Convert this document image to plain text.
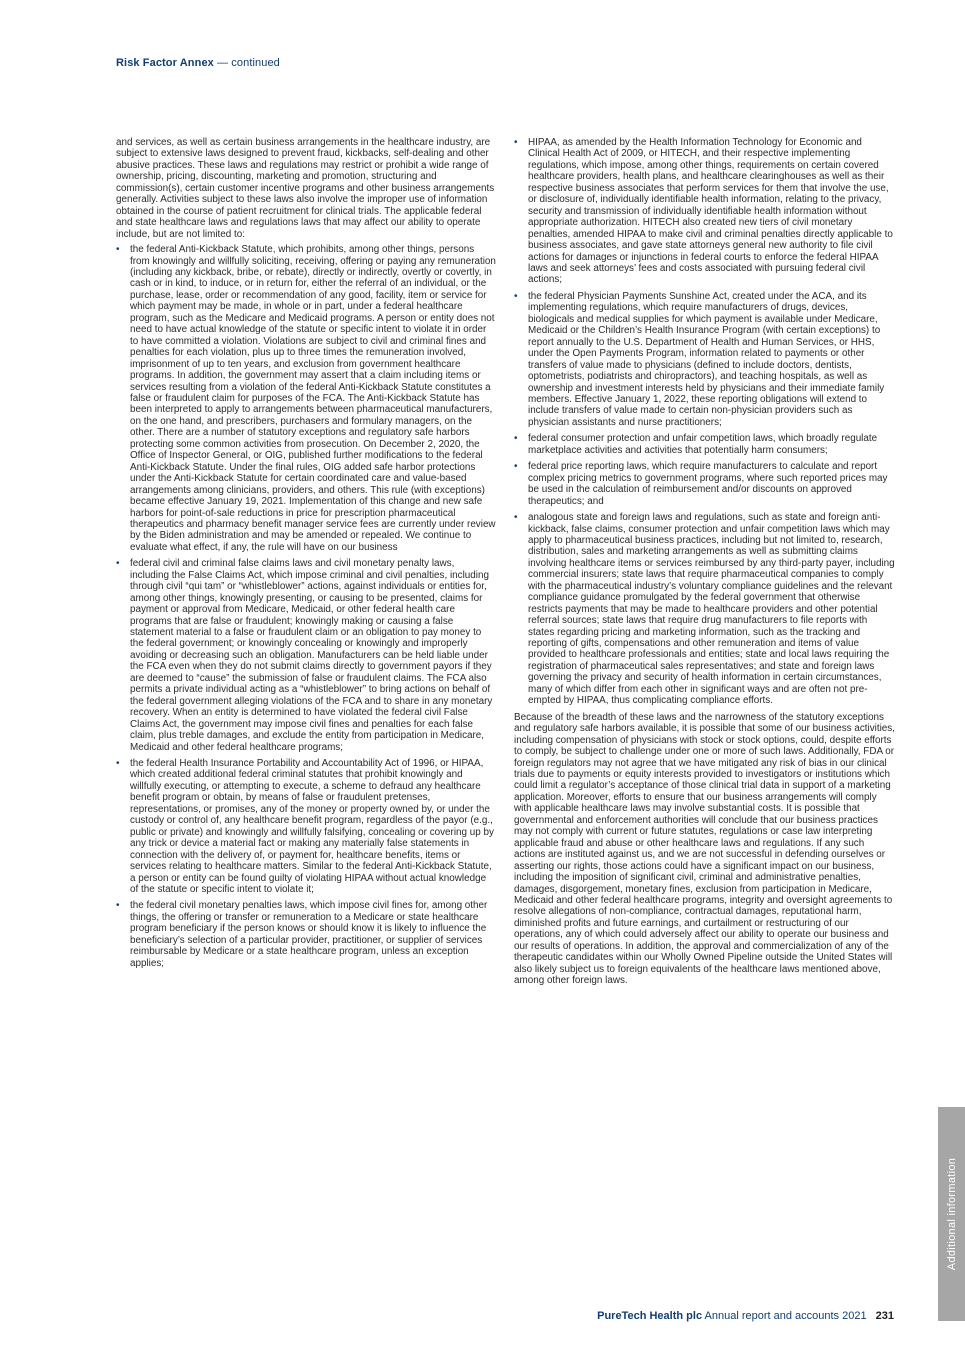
Risk Factor Annex — continued

and services, as well as certain business arrangements in the healthcare industry, are subject to extensive laws designed to prevent fraud, kickbacks, self-dealing and other abusive practices. These laws and regulations may restrict or prohibit a wide range of ownership, pricing, discounting, marketing and promotion, structuring and commission(s), certain customer incentive programs and other business arrangements generally. Activities subject to these laws also involve the improper use of information obtained in the course of patient recruitment for clinical trials. The applicable federal and state healthcare laws and regulations laws that may affect our ability to operate include, but are not limited to:

• the federal Anti-Kickback Statute, which prohibits, among other things, persons from knowingly and willfully soliciting, receiving, offering or paying any remuneration (including any kickback, bribe, or rebate), directly or indirectly, overtly or covertly, in cash or in kind, to induce, or in return for, either the referral of an individual, or the purchase, lease, order or recommendation of any good, facility, item or service for which payment may be made, in whole or in part, under a federal healthcare program, such as the Medicare and Medicaid programs. A person or entity does not need to have actual knowledge of the statute or specific intent to violate it in order to have committed a violation. Violations are subject to civil and criminal fines and penalties for each violation, plus up to three times the remuneration involved, imprisonment of up to ten years, and exclusion from government healthcare programs. In addition, the government may assert that a claim including items or services resulting from a violation of the federal Anti-Kickback Statute constitutes a false or fraudulent claim for purposes of the FCA. The Anti-Kickback Statute has been interpreted to apply to arrangements between pharmaceutical manufacturers, on the one hand, and prescribers, purchasers and formulary managers, on the other. There are a number of statutory exceptions and regulatory safe harbors protecting some common activities from prosecution. On December 2, 2020, the Office of Inspector General, or OIG, published further modifications to the federal Anti-Kickback Statute. Under the final rules, OIG added safe harbor protections under the Anti-Kickback Statute for certain coordinated care and value-based arrangements among clinicians, providers, and others. This rule (with exceptions) became effective January 19, 2021. Implementation of this change and new safe harbors for point-of-sale reductions in price for prescription pharmaceutical therapeutics and pharmacy benefit manager service fees are currently under review by the Biden administration and may be amended or repealed. We continue to evaluate what effect, if any, the rule will have on our business
• federal civil and criminal false claims laws and civil monetary penalty laws, including the False Claims Act, which impose criminal and civil penalties, including through civil “qui tam” or “whistleblower” actions, against individuals or entities for, among other things, knowingly presenting, or causing to be presented, claims for payment or approval from Medicare, Medicaid, or other federal health care programs that are false or fraudulent; knowingly making or causing a false statement material to a false or fraudulent claim or an obligation to pay money to the federal government; or knowingly concealing or knowingly and improperly avoiding or decreasing such an obligation. Manufacturers can be held liable under the FCA even when they do not submit claims directly to government payors if they are deemed to “cause” the submission of false or fraudulent claims. The FCA also permits a private individual acting as a “whistleblower” to bring actions on behalf of the federal government alleging violations of the FCA and to share in any monetary recovery. When an entity is determined to have violated the federal civil False Claims Act, the government may impose civil fines and penalties for each false claim, plus treble damages, and exclude the entity from participation in Medicare, Medicaid and other federal healthcare programs;
• the federal Health Insurance Portability and Accountability Act of 1996, or HIPAA, which created additional federal criminal statutes that prohibit knowingly and willfully executing, or attempting to execute, a scheme to defraud any healthcare benefit program or obtain, by means of false or fraudulent pretenses, representations, or promises, any of the money or property owned by, or under the custody or control of, any healthcare benefit program, regardless of the payor (e.g., public or private) and knowingly and willfully falsifying, concealing or covering up by any trick or device a material fact or making any materially false statements in connection with the delivery of, or payment for, healthcare benefits, items or services relating to healthcare matters. Similar to the federal Anti-Kickback Statute, a person or entity can be found guilty of violating HIPAA without actual knowledge of the statute or specific intent to violate it;
• the federal civil monetary penalties laws, which impose civil fines for, among other things, the offering or transfer or remuneration to a Medicare or state healthcare program beneficiary if the person knows or should know it is likely to influence the beneficiary’s selection of a particular provider, practitioner, or supplier of services reimbursable by Medicare or a state healthcare program, unless an exception applies;
• HIPAA, as amended by the Health Information Technology for Economic and Clinical Health Act of 2009, or HITECH, and their respective implementing regulations, which impose, among other things, requirements on certain covered healthcare providers, health plans, and healthcare clearinghouses as well as their respective business associates that perform services for them that involve the use, or disclosure of, individually identifiable health information, relating to the privacy, security and transmission of individually identifiable health information without appropriate authorization. HITECH also created new tiers of civil monetary penalties, amended HIPAA to make civil and criminal penalties directly applicable to business associates, and gave state attorneys general new authority to file civil actions for damages or injunctions in federal courts to enforce the federal HIPAA laws and seek attorneys’ fees and costs associated with pursuing federal civil actions;
• the federal Physician Payments Sunshine Act, created under the ACA, and its implementing regulations, which require manufacturers of drugs, devices, biologicals and medical supplies for which payment is available under Medicare, Medicaid or the Children’s Health Insurance Program (with certain exceptions) to report annually to the U.S. Department of Health and Human Services, or HHS, under the Open Payments Program, information related to payments or other transfers of value made to physicians (defined to include doctors, dentists, optometrists, podiatrists and chiropractors), and teaching hospitals, as well as ownership and investment interests held by physicians and their immediate family members. Effective January 1, 2022, these reporting obligations will extend to include transfers of value made to certain non-physician providers such as physician assistants and nurse practitioners;
• federal consumer protection and unfair competition laws, which broadly regulate marketplace activities and activities that potentially harm consumers;
• federal price reporting laws, which require manufacturers to calculate and report complex pricing metrics to government programs, where such reported prices may be used in the calculation of reimbursement and/or discounts on approved therapeutics; and
• analogous state and foreign laws and regulations, such as state and foreign anti-kickback, false claims, consumer protection and unfair competition laws which may apply to pharmaceutical business practices, including but not limited to, research, distribution, sales and marketing arrangements as well as submitting claims involving healthcare items or services reimbursed by any third-party payer, including commercial insurers; state laws that require pharmaceutical companies to comply with the pharmaceutical industry’s voluntary compliance guidelines and the relevant compliance guidance promulgated by the federal government that otherwise restricts payments that may be made to healthcare providers and other potential referral sources; state laws that require drug manufacturers to file reports with states regarding pricing and marketing information, such as the tracking and reporting of gifts, compensations and other remuneration and items of value provided to healthcare professionals and entities; state and local laws requiring the registration of pharmaceutical sales representatives; and state and foreign laws governing the privacy and security of health information in certain circumstances, many of which differ from each other in significant ways and are often not pre-empted by HIPAA, thus complicating compliance efforts.

Because of the breadth of these laws and the narrowness of the statutory exceptions and regulatory safe harbors available, it is possible that some of our business activities, including compensation of physicians with stock or stock options, could, despite efforts to comply, be subject to challenge under one or more of such laws. Additionally, FDA or foreign regulators may not agree that we have mitigated any risk of bias in our clinical trials due to payments or equity interests provided to investigators or institutions which could limit a regulator’s acceptance of those clinical trial data in support of a marketing application. Moreover, efforts to ensure that our business arrangements will comply with applicable healthcare laws may involve substantial costs. It is possible that governmental and enforcement authorities will conclude that our business practices may not comply with current or future statutes, regulations or case law interpreting applicable fraud and abuse or other healthcare laws and regulations. If any such actions are instituted against us, and we are not successful in defending ourselves or asserting our rights, those actions could have a significant impact on our business, including the imposition of significant civil, criminal and administrative penalties, damages, disgorgement, monetary fines, exclusion from participation in Medicare, Medicaid and other federal healthcare programs, integrity and oversight agreements to resolve allegations of non-compliance, contractual damages, reputational harm, diminished profits and future earnings, and curtailment or restructuring of our operations, any of which could adversely affect our ability to operate our business and our results of operations. In addition, the approval and commercialization of any of the therapeutic candidates within our Wholly Owned Pipeline outside the United States will also likely subject us to foreign equivalents of the healthcare laws mentioned above, among other foreign laws.

PureTech Health plc Annual report and accounts 2021 231
Additional information
